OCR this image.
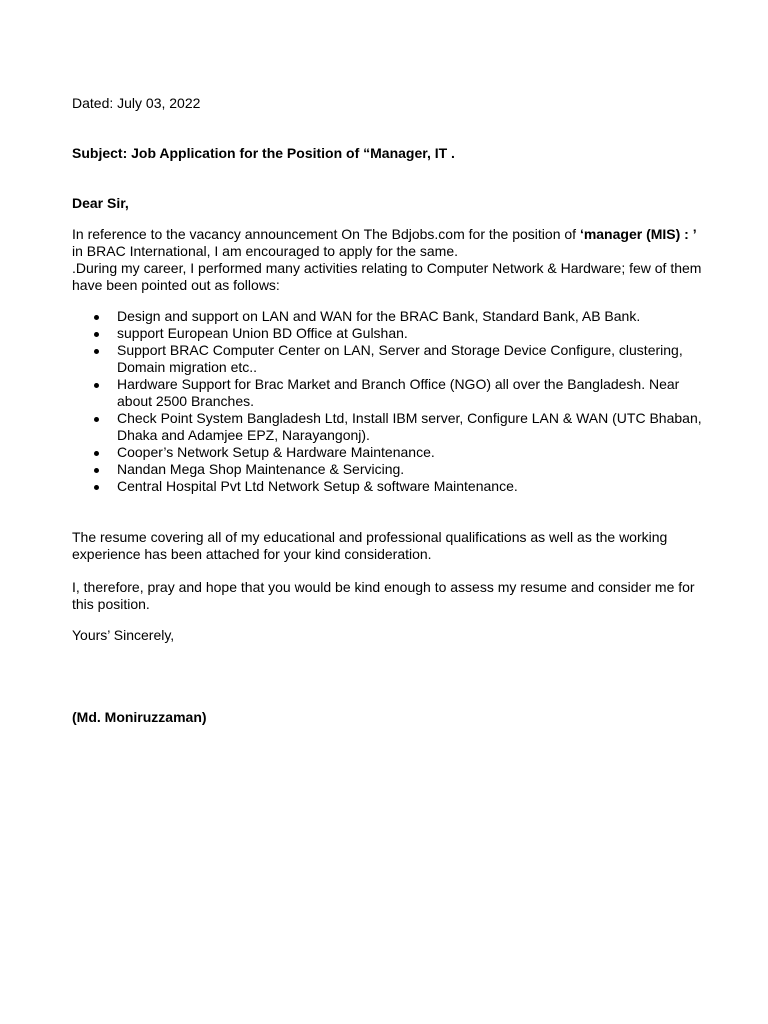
Dated: July 03, 2022
Subject: Job Application for the Position of “Manager, IT .
Dear Sir,
In reference to the vacancy announcement On The Bdjobs.com for the position of ‘manager (MIS) : ’
in BRAC International, I am encouraged to apply for the same.
.During my career, I performed many activities relating to Computer Network & Hardware; few of them
have been pointed out as follows:
Design and support on LAN and WAN for the BRAC Bank, Standard Bank, AB Bank.
support European Union BD Office at Gulshan.
Support BRAC Computer Center on LAN, Server and Storage Device Configure, clustering,
Domain migration etc..
Hardware Support for Brac Market and Branch Office (NGO) all over the Bangladesh. Near
about 2500 Branches.
Check Point System Bangladesh Ltd, Install IBM server, Configure LAN & WAN (UTC Bhaban,
Dhaka and Adamjee EPZ, Narayangonj).
Cooper’s Network Setup & Hardware Maintenance.
Nandan Mega Shop Maintenance & Servicing.
Central Hospital Pvt Ltd Network Setup & software Maintenance.
The resume covering all of my educational and professional qualifications as well as the working
experience has been attached for your kind consideration.
I, therefore, pray and hope that you would be kind enough to assess my resume and consider me for
this position.
Yours’ Sincerely,
(Md. Moniruzzaman)
